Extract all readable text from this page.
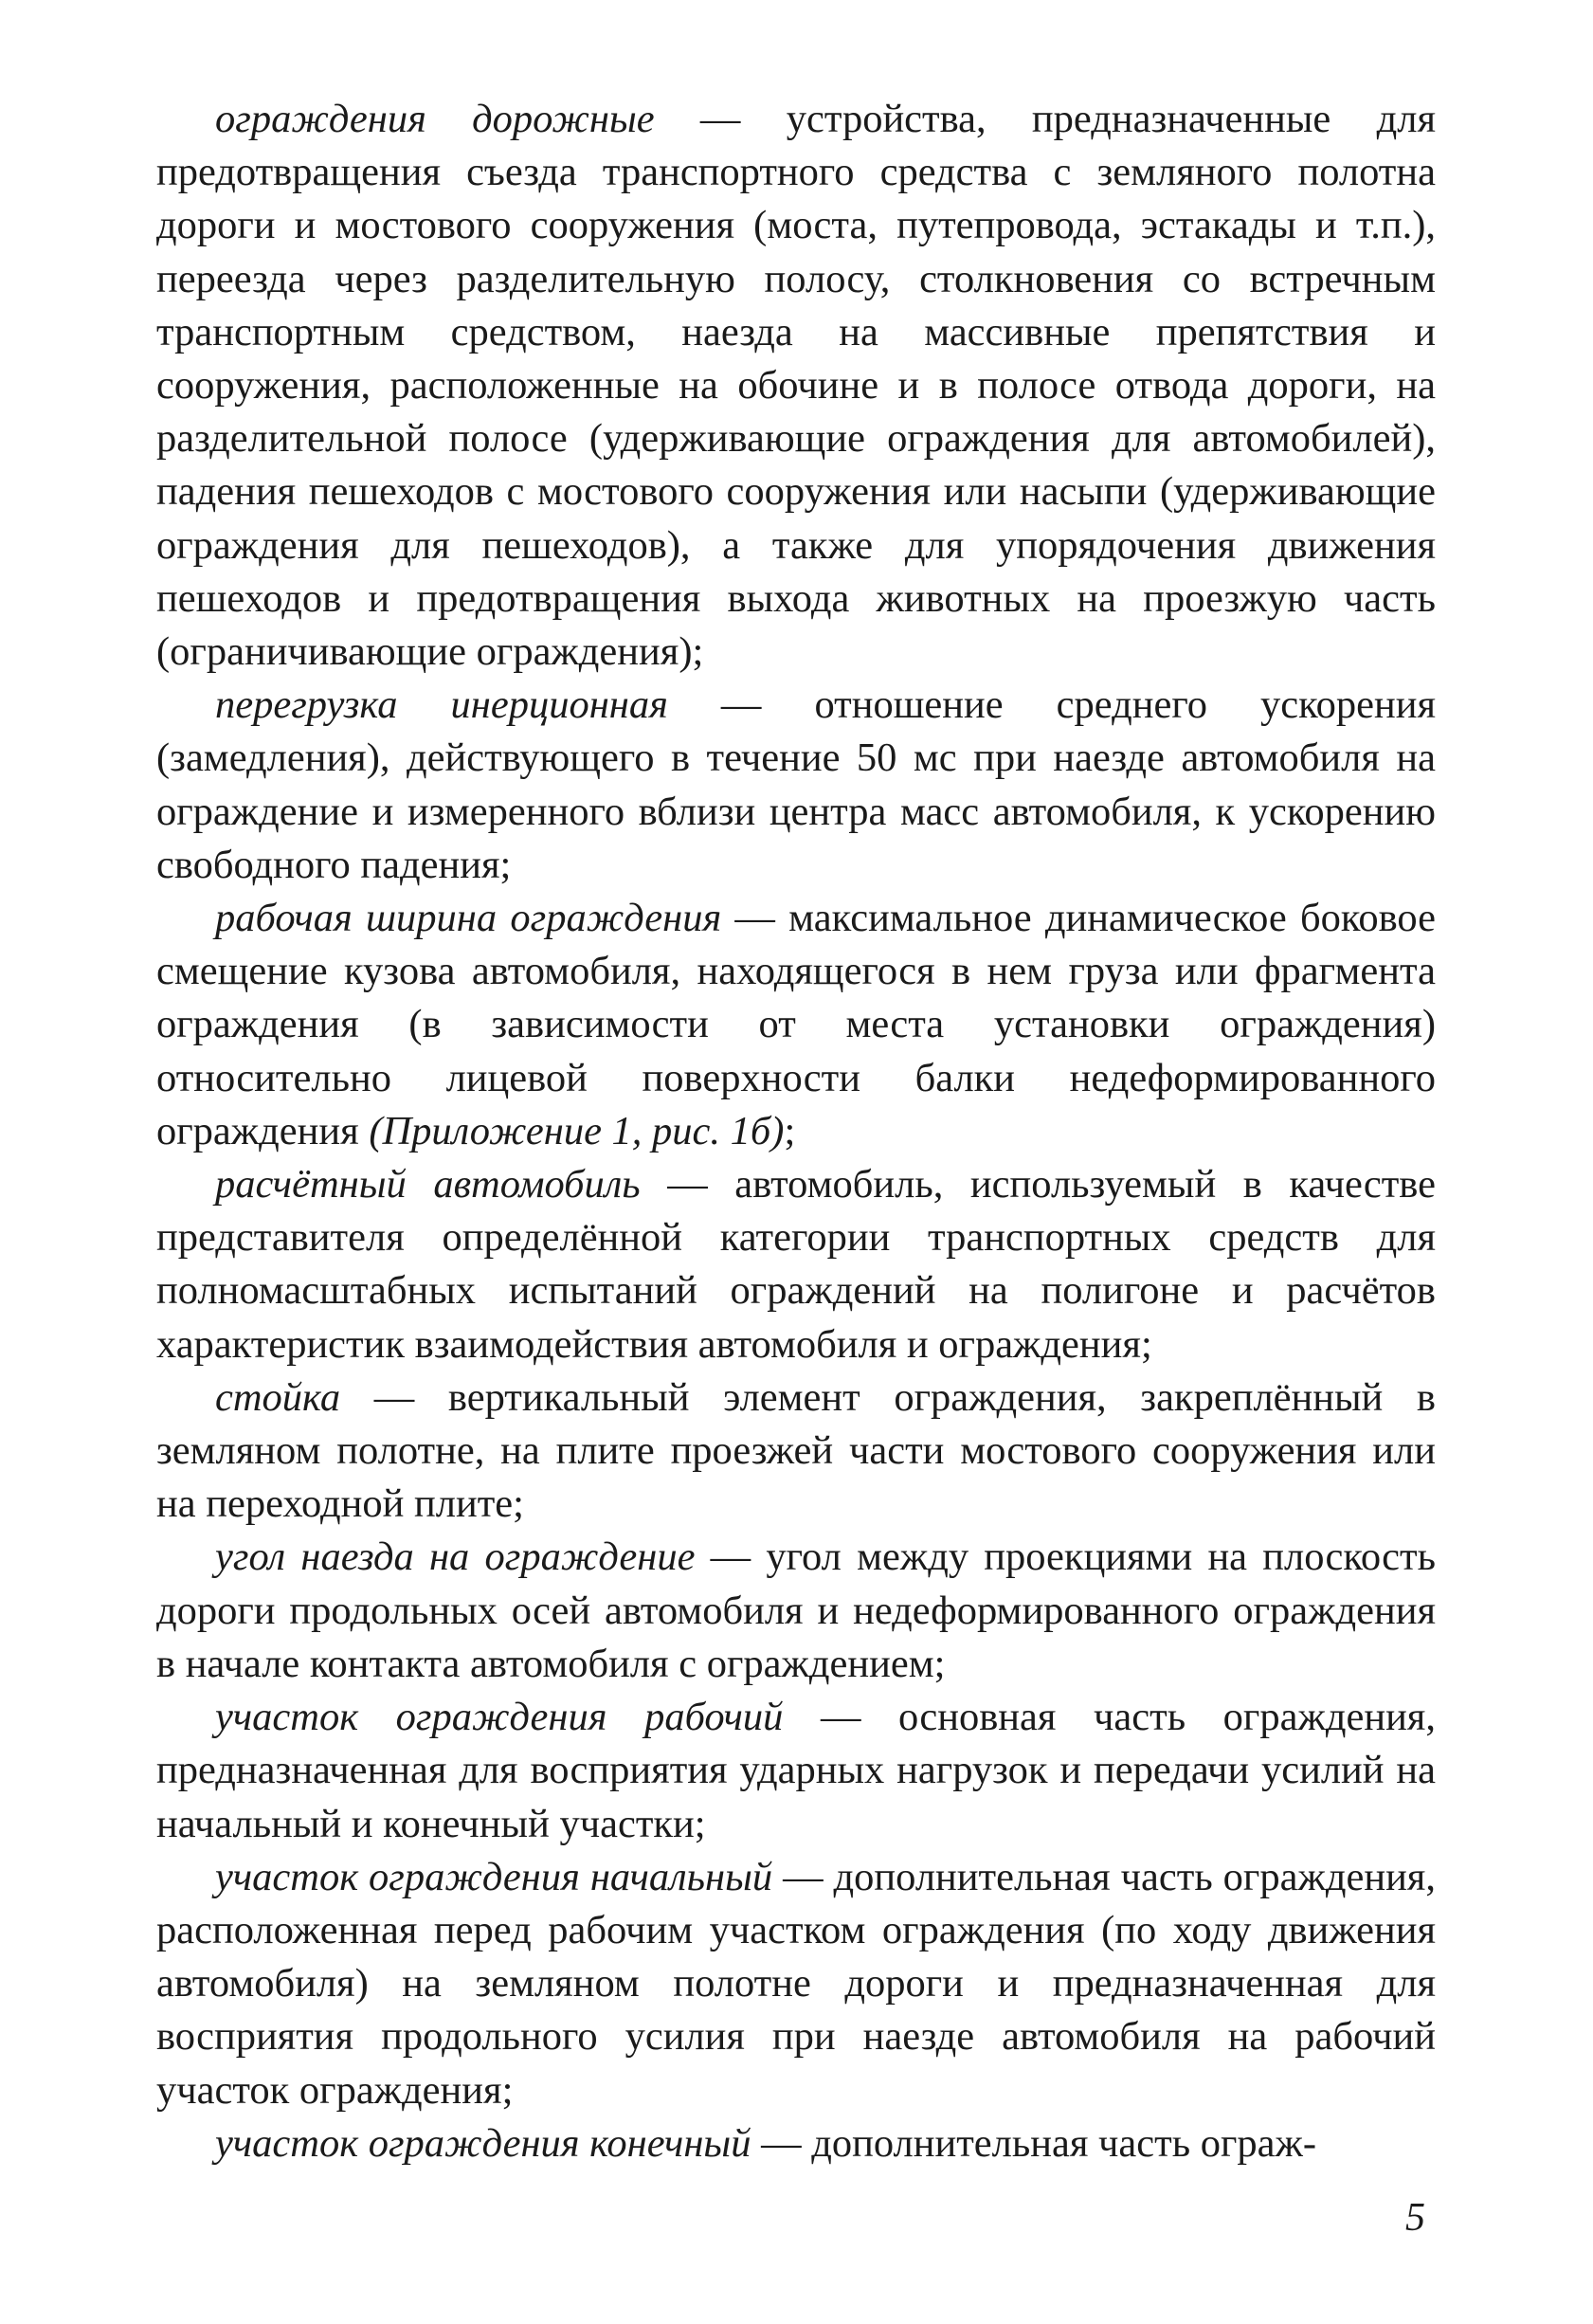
ограждения дорожные — устройства, предназначенные для предотвращения съезда транспортного средства с земляного полотна дороги и мостового сооружения (моста, путепровода, эстакады и т.п.), переезда через разделительную полосу, столкновения со встречным транспортным средством, наезда на массивные препятствия и сооружения, расположенные на обочине и в полосе отвода дороги, на разделительной полосе (удерживающие ограждения для автомобилей), падения пешеходов с мостового сооружения или насыпи (удерживающие ограждения для пешеходов), а также для упорядочения движения пешеходов и предотвращения выхода животных на проезжую часть (ограничивающие ограждения);

перегрузка инерционная — отношение среднего ускорения (замедления), действующего в течение 50 мс при наезде автомобиля на ограждение и измеренного вблизи центра масс автомобиля, к ускорению свободного падения;

рабочая ширина ограждения — максимальное динамическое боковое смещение кузова автомобиля, находящегося в нем груза или фрагмента ограждения (в зависимости от места установки ограждения) относительно лицевой поверхности балки недеформированного ограждения (Приложение 1, рис. 1б);

расчётный автомобиль — автомобиль, используемый в качестве представителя определённой категории транспортных средств для полномасштабных испытаний ограждений на полигоне и расчётов характеристик взаимодействия автомобиля и ограждения;

стойка — вертикальный элемент ограждения, закреплённый в земляном полотне, на плите проезжей части мостового сооружения или на переходной плите;

угол наезда на ограждение — угол между проекциями на плоскость дороги продольных осей автомобиля и недеформированного ограждения в начале контакта автомобиля с ограждением;

участок ограждения рабочий — основная часть ограждения, предназначенная для восприятия ударных нагрузок и передачи усилий на начальный и конечный участки;

участок ограждения начальный — дополнительная часть ограждения, расположенная перед рабочим участком ограждения (по ходу движения автомобиля) на земляном полотне дороги и предназначенная для восприятия продольного усилия при наезде автомобиля на рабочий участок ограждения;

участок ограждения конечный — дополнительная часть ограж-

5
